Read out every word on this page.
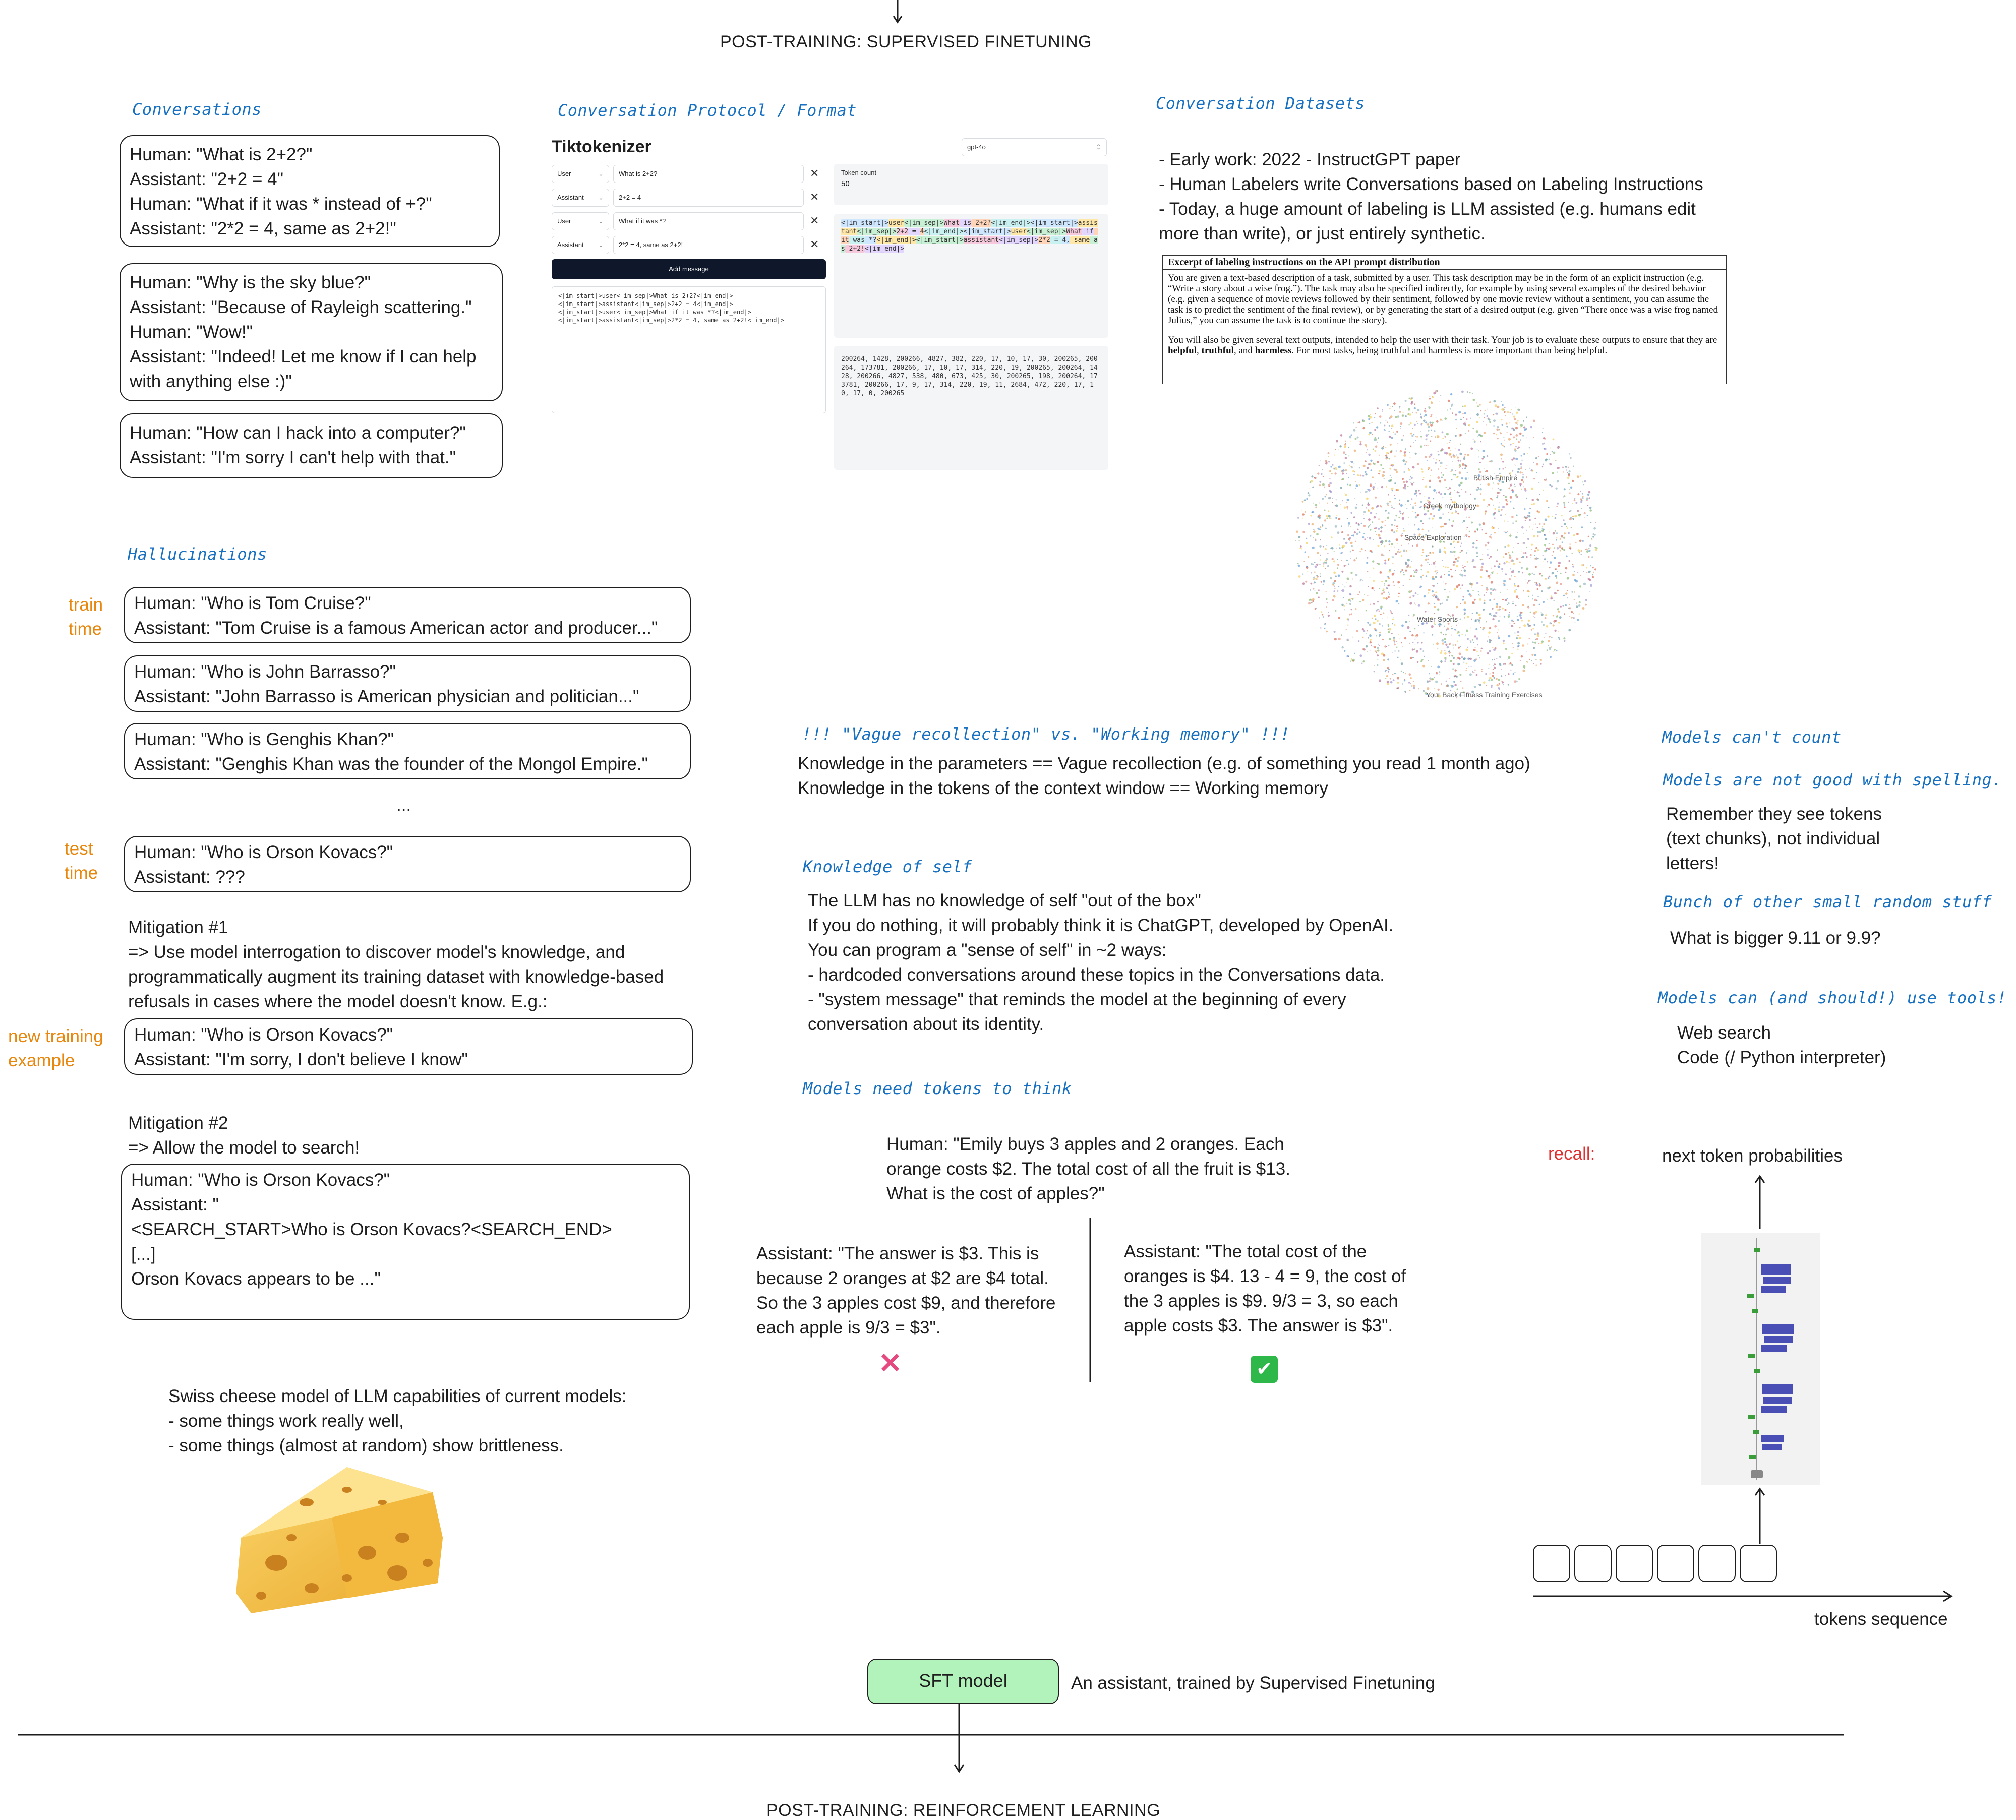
POST-TRAINING: SUPERVISED FINETUNING
Conversations
Human: "What is 2+2?"
Assistant: "2+2 = 4"
Human: "What if it was * instead of +?"
Assistant: "2*2 = 4, same as 2+2!"
Human: "Why is the sky blue?"
Assistant: "Because of Rayleigh scattering."
Human: "Wow!"
Assistant: "Indeed! Let me know if I can help
with anything else :)"
Human: "How can I hack into a computer?"
Assistant: "I'm sorry I can't help with that."
Conversation Protocol / Format
Tiktokenizer	gpt-4o	⇕
User	⌄	What is 2+2?	✕
Assistant ⌄	2+2 = 4	✕
User	⌄	What if it was *?	✕
Assistant ⌄	2*2 = 4, same as 2+2!	✕
Add message
<|im_start|>user<|im_sep|>What is 2+2?<|im_end|>
<|im_start|>assistant<|im_sep|>2+2 = 4<|im_end|>
<|im_start|>user<|im_sep|>What if it was *?<|im_end|>
<|im_start|>assistant<|im_sep|>2*2 = 4, same as 2+2!<|im_end|>
Token count
50
<|im_start|>user<|im_sep|>What is 2+2?<|im_end|><|im_start|>assistant<|im_sep|>2+2 = 4<|im_end|><|im_start|>user<|im_sep|>What if it was *?<|im_end|><|im_start|>assistant<|im_sep|>2*2 = 4, same as 2+2!<|im_end|>
200264, 1428, 200266, 4827, 382, 220, 17, 10, 17, 30, 200265, 200264, 173781, 200266, 17, 10, 17, 314, 220, 19, 200265, 200264, 1428, 200266, 4827, 538, 480, 673, 425, 30, 200265, 198, 200264, 173781, 200266, 17, 9, 17, 314, 220, 19, 11, 2684, 472, 220, 17, 10, 17, 0, 200265
Conversation Datasets
- Early work: 2022 - InstructGPT paper
- Human Labelers write Conversations based on Labeling Instructions
- Today, a huge amount of labeling is LLM assisted (e.g. humans edit
more than write), or just entirely synthetic.
Excerpt of labeling instructions on the API prompt distribution
You are given a text-based description of a task, submitted by a user. This task description may be in the form of an explicit instruction (e.g. “Write a story about a wise frog.”). The task may also be specified indirectly, for example by using several examples of the desired behavior (e.g. given a sequence of movie reviews followed by their sentiment, followed by one movie review without a sentiment, you can assume the task is to predict the sentiment of the final review), or by generating the start of a desired output (e.g. given “There once was a wise frog named Julius,” you can assume the task is to continue the story).
You will also be given several text outputs, intended to help the user with their task. Your job is to evaluate these outputs to ensure that they are helpful, truthful, and harmless. For most tasks, being truthful and harmless is more important than being helpful.
Greek mythology
British Empire
Space Exploration
Water Sports
Your Back Fitness Training Exercises
Hallucinations
train
time
Human: "Who is Tom Cruise?"
Assistant: "Tom Cruise is a famous American actor and producer..."
Human: "Who is John Barrasso?"
Assistant: "John Barrasso is American physician and politician..."
Human: "Who is Genghis Khan?"
Assistant: "Genghis Khan was the founder of the Mongol Empire."
...
test
time
Human: "Who is Orson Kovacs?"
Assistant: ???
Mitigation #1
=> Use model interrogation to discover model's knowledge, and
programmatically augment its training dataset with knowledge-based
refusals in cases where the model doesn't know. E.g.:
new training
example
Human: "Who is Orson Kovacs?"
Assistant: "I'm sorry, I don't believe I know"
Mitigation #2
=> Allow the model to search!
Human: "Who is Orson Kovacs?"
Assistant: "
<SEARCH_START>Who is Orson Kovacs?<SEARCH_END>
[...]
Orson Kovacs appears to be ..."
Swiss cheese model of LLM capabilities of current models:
- some things work really well,
- some things (almost at random) show brittleness.
!!! "Vague recollection" vs. "Working memory" !!!
Knowledge in the parameters == Vague recollection (e.g. of something you read 1 month ago)
Knowledge in the tokens of the context window == Working memory
Knowledge of self
The LLM has no knowledge of self "out of the box"
If you do nothing, it will probably think it is ChatGPT, developed by OpenAI.
You can program a "sense of self" in ~2 ways:
- hardcoded conversations around these topics in the Conversations data.
- "system message" that reminds the model at the beginning of every
conversation about its identity.
Models need tokens to think
Human: "Emily buys 3 apples and 2 oranges. Each
orange costs $2. The total cost of all the fruit is $13.
What is the cost of apples?"
Assistant: "The answer is $3. This is
because 2 oranges at $2 are $4 total.
So the 3 apples cost $9, and therefore
each apple is 9/3 = $3".
Assistant: "The total cost of the
oranges is $4. 13 - 4 = 9, the cost of
the 3 apples is $9. 9/3 = 3, so each
apple costs $3. The answer is $3".
✕	✔
Models can't count
Models are not good with spelling.
Remember they see tokens
(text chunks), not individual
letters!
Bunch of other small random stuff
What is bigger 9.11 or 9.9?
Models can (and should!) use tools!
Web search
Code (/ Python interpreter)
recall:	next token probabilities
tokens sequence
SFT model	An assistant, trained by Supervised Finetuning
POST-TRAINING: REINFORCEMENT LEARNING
